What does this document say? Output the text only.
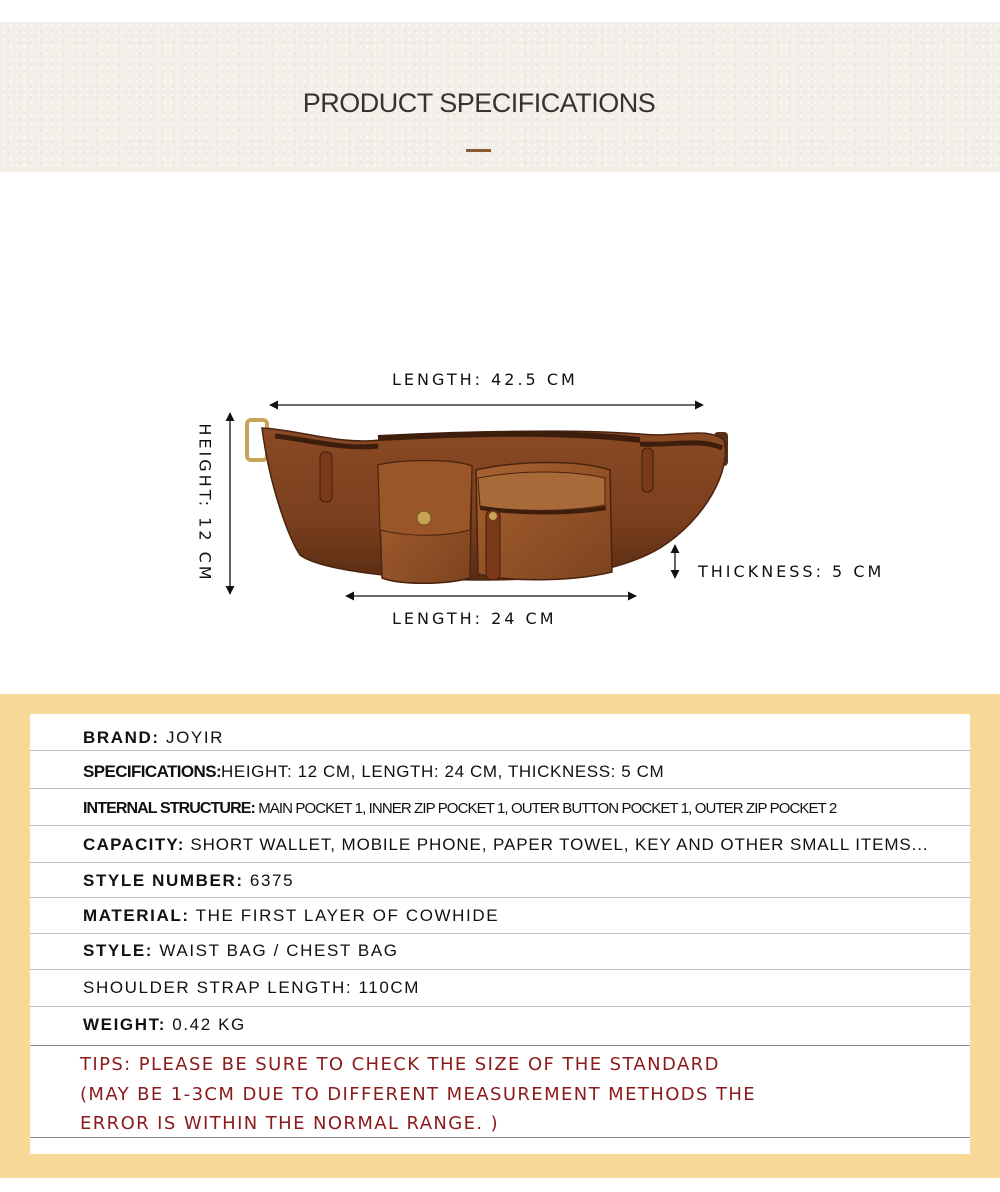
PRODUCT SPECIFICATIONS
LENGTH: 42.5 CM
LENGTH: 24 CM
HEIGHT: 12 CM	THICKNESS: 5 CM
BRAND: JOYIR
SPECIFICATIONS:HEIGHT: 12 CM, LENGTH: 24 CM, THICKNESS: 5 CM
INTERNAL STRUCTURE: MAIN POCKET 1, INNER ZIP POCKET 1, OUTER BUTTON POCKET 1, OUTER ZIP POCKET 2
CAPACITY: SHORT WALLET, MOBILE PHONE, PAPER TOWEL, KEY AND OTHER SMALL ITEMS...
STYLE NUMBER: 6375
MATERIAL: THE FIRST LAYER OF COWHIDE
STYLE: WAIST BAG / CHEST BAG
SHOULDER STRAP LENGTH: 110CM
WEIGHT: 0.42 KG
TIPS: PLEASE BE SURE TO CHECK THE SIZE OF THE STANDARD
(MAY BE 1-3CM DUE TO DIFFERENT MEASUREMENT METHODS THE
ERROR IS WITHIN THE NORMAL RANGE. )
